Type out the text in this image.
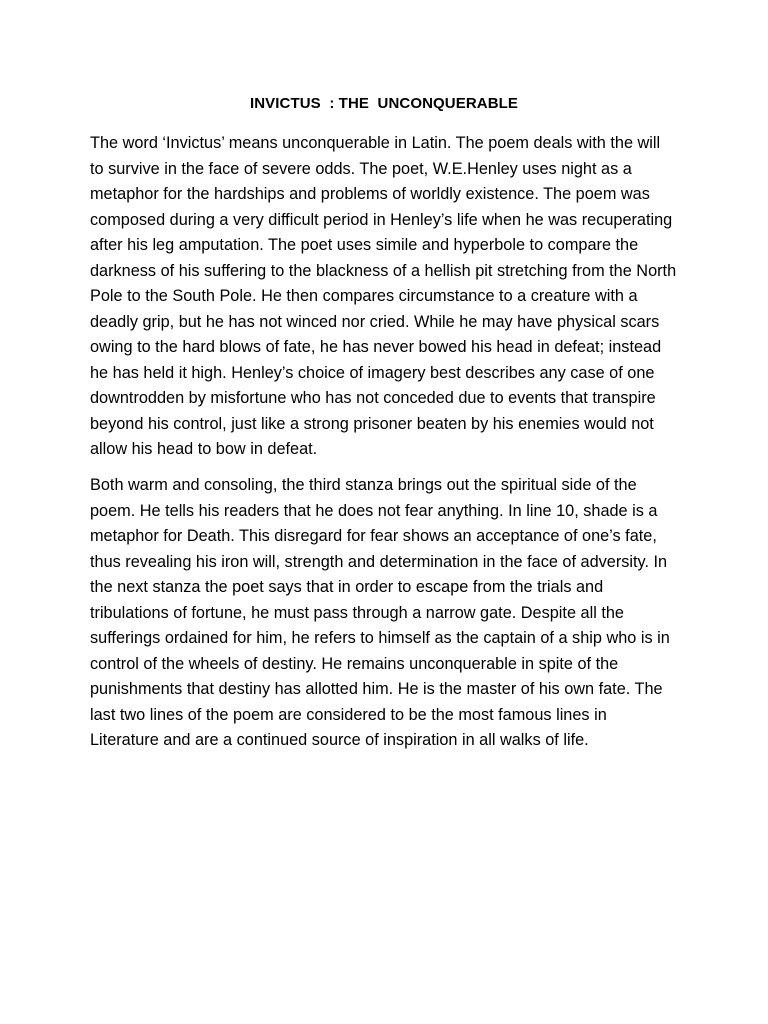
INVICTUS  : THE  UNCONQUERABLE

The word ‘Invictus’ means unconquerable in Latin. The poem deals with the will
to survive in the face of severe odds. The poet, W.E.Henley uses night as a
metaphor for the hardships and problems of worldly existence. The poem was
composed during a very difficult period in Henley’s life when he was recuperating
after his leg amputation. The poet uses simile and hyperbole to compare the
darkness of his suffering to the blackness of a hellish pit stretching from the North
Pole to the South Pole. He then compares circumstance to a creature with a
deadly grip, but he has not winced nor cried. While he may have physical scars
owing to the hard blows of fate, he has never bowed his head in defeat; instead
he has held it high. Henley’s choice of imagery best describes any case of one
downtrodden by misfortune who has not conceded due to events that transpire
beyond his control, just like a strong prisoner beaten by his enemies would not
allow his head to bow in defeat.

Both warm and consoling, the third stanza brings out the spiritual side of the
poem. He tells his readers that he does not fear anything. In line 10, shade is a
metaphor for Death. This disregard for fear shows an acceptance of one’s fate,
thus revealing his iron will, strength and determination in the face of adversity. In
the next stanza the poet says that in order to escape from the trials and
tribulations of fortune, he must pass through a narrow gate. Despite all the
sufferings ordained for him, he refers to himself as the captain of a ship who is in
control of the wheels of destiny. He remains unconquerable in spite of the
punishments that destiny has allotted him. He is the master of his own fate. The
last two lines of the poem are considered to be the most famous lines in
Literature and are a continued source of inspiration in all walks of life.
